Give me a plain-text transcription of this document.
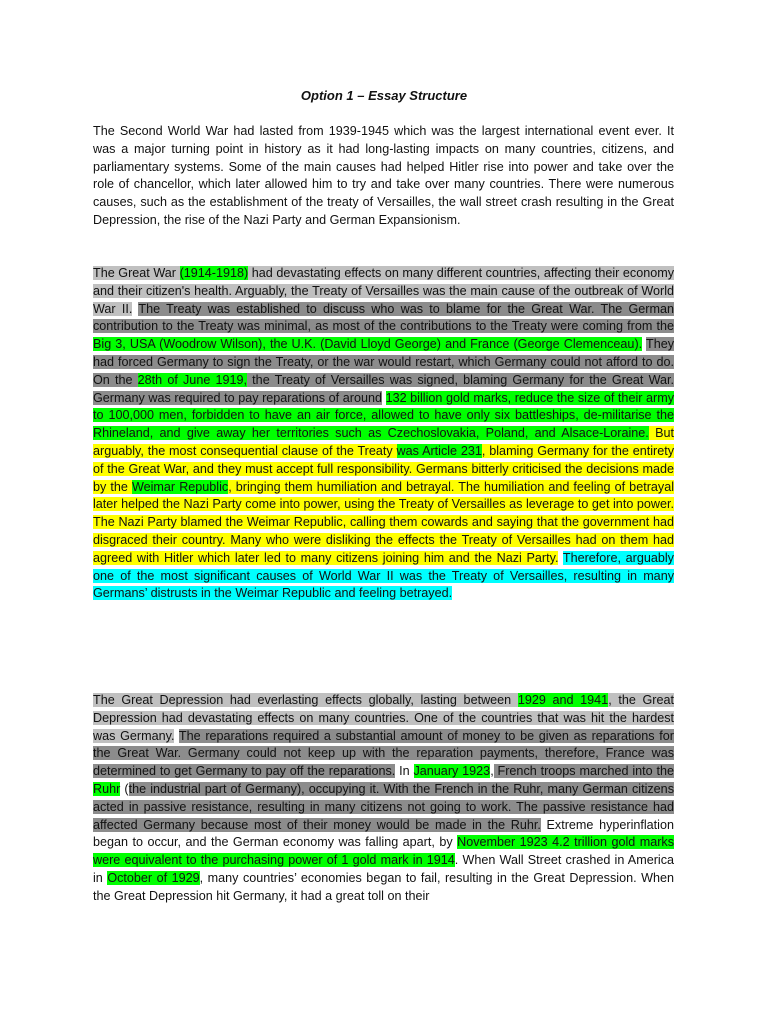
Option 1 – Essay Structure

The Second World War had lasted from 1939-1945 which was the largest international event ever. It was a major turning point in history as it had long-lasting impacts on many countries, citizens, and parliamentary systems. Some of the main causes had helped Hitler rise into power and take over the role of chancellor, which later allowed him to try and take over many countries. There were numerous causes, such as the establishment of the treaty of Versailles, the wall street crash resulting in the Great Depression, the rise of the Nazi Party and German Expansionism.

The Great War (1914-1918) had devastating effects on many different countries, affecting their economy and their citizen's health. Arguably, the Treaty of Versailles was the main cause of the outbreak of World War II. The Treaty was established to discuss who was to blame for the Great War. The German contribution to the Treaty was minimal, as most of the contributions to the Treaty were coming from the Big 3, USA (Woodrow Wilson), the U.K. (David Lloyd George) and France (George Clemenceau). They had forced Germany to sign the Treaty, or the war would restart, which Germany could not afford to do. On the 28th of June 1919, the Treaty of Versailles was signed, blaming Germany for the Great War. Germany was required to pay reparations of around 132 billion gold marks, reduce the size of their army to 100,000 men, forbidden to have an air force, allowed to have only six battleships, de-militarise the Rhineland, and give away her territories such as Czechoslovakia, Poland, and Alsace-Loraine. But arguably, the most consequential clause of the Treaty was Article 231, blaming Germany for the entirety of the Great War, and they must accept full responsibility. Germans bitterly criticised the decisions made by the Weimar Republic, bringing them humiliation and betrayal. The humiliation and feeling of betrayal later helped the Nazi Party come into power, using the Treaty of Versailles as leverage to get into power. The Nazi Party blamed the Weimar Republic, calling them cowards and saying that the government had disgraced their country. Many who were disliking the effects the Treaty of Versailles had on them had agreed with Hitler which later led to many citizens joining him and the Nazi Party. Therefore, arguably one of the most significant causes of World War II was the Treaty of Versailles, resulting in many Germans’ distrusts in the Weimar Republic and feeling betrayed.

The Great Depression had everlasting effects globally, lasting between 1929 and 1941, the Great Depression had devastating effects on many countries. One of the countries that was hit the hardest was Germany. The reparations required a substantial amount of money to be given as reparations for the Great War. Germany could not keep up with the reparation payments, therefore, France was determined to get Germany to pay off the reparations. In January 1923, French troops marched into the Ruhr (the industrial part of Germany), occupying it. With the French in the Ruhr, many German citizens acted in passive resistance, resulting in many citizens not going to work. The passive resistance had affected Germany because most of their money would be made in the Ruhr. Extreme hyperinflation began to occur, and the German economy was falling apart, by November 1923 4.2 trillion gold marks were equivalent to the purchasing power of 1 gold mark in 1914. When Wall Street crashed in America in October of 1929, many countries’ economies began to fail, resulting in the Great Depression. When the Great Depression hit Germany, it had a great toll on their
